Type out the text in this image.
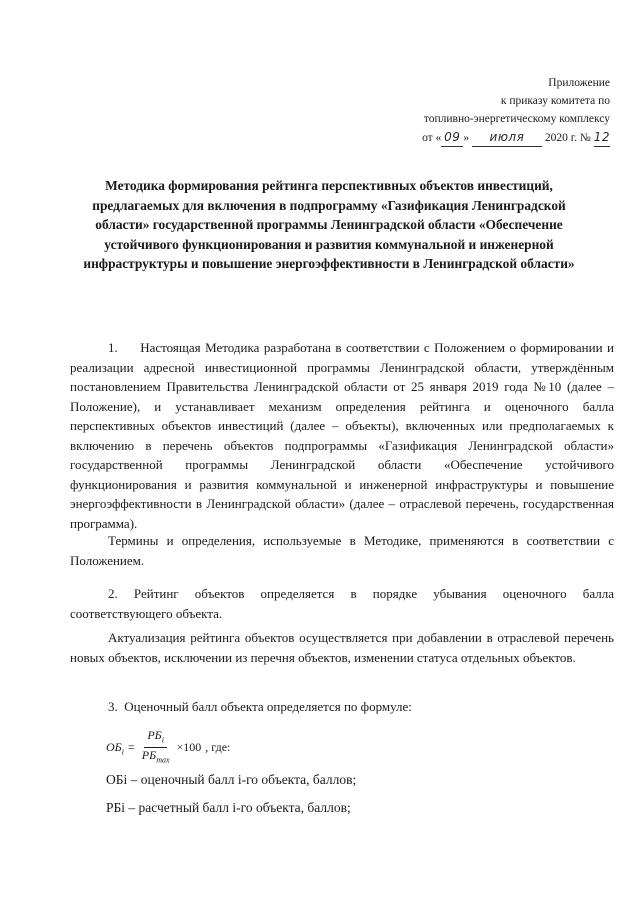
Приложение
к приказу комитета по
топливно-энергетическому комплексу
от « 09 » июля 2020 г. № 12
Методика формирования рейтинга перспективных объектов инвестиций, предлагаемых для включения в подпрограмму «Газификация Ленинградской области» государственной программы Ленинградской области «Обеспечение устойчивого функционирования и развития коммунальной и инженерной инфраструктуры и повышение энергоэффективности в Ленинградской области»

1.     Настоящая Методика разработана в соответствии с Положением о формировании и реализации адресной инвестиционной программы Ленинградской области, утверждённым постановлением Правительства Ленинградской области от 25 января 2019 года №10 (далее – Положение), и устанавливает механизм определения рейтинга и оценочного балла перспективных объектов инвестиций (далее – объекты), включенных или предполагаемых к включению в перечень объектов подпрограммы «Газификация Ленинградской области» государственной программы Ленинградской области «Обеспечение устойчивого функционирования и развития коммунальной и инженерной инфраструктуры и повышение энергоэффективности в Ленинградской области» (далее – отраслевой перечень, государственная программа).

Термины и определения, используемые в Методике, применяются в соответствии с Положением.

2. Рейтинг объектов определяется в порядке убывания оценочного балла соответствующего объекта.

Актуализация рейтинга объектов осуществляется при добавлении в отраслевой перечень новых объектов, исключении из перечня объектов, изменении статуса отдельных объектов.

3.  Оценочный балл объекта определяется по формуле:

$ОБ_i = \frac{РБ_i}{РБ_{max}} \times 100$ , где:
ОБi – оценочный балл i-го объекта, баллов;
РБi – расчетный балл i-го объекта, баллов;
